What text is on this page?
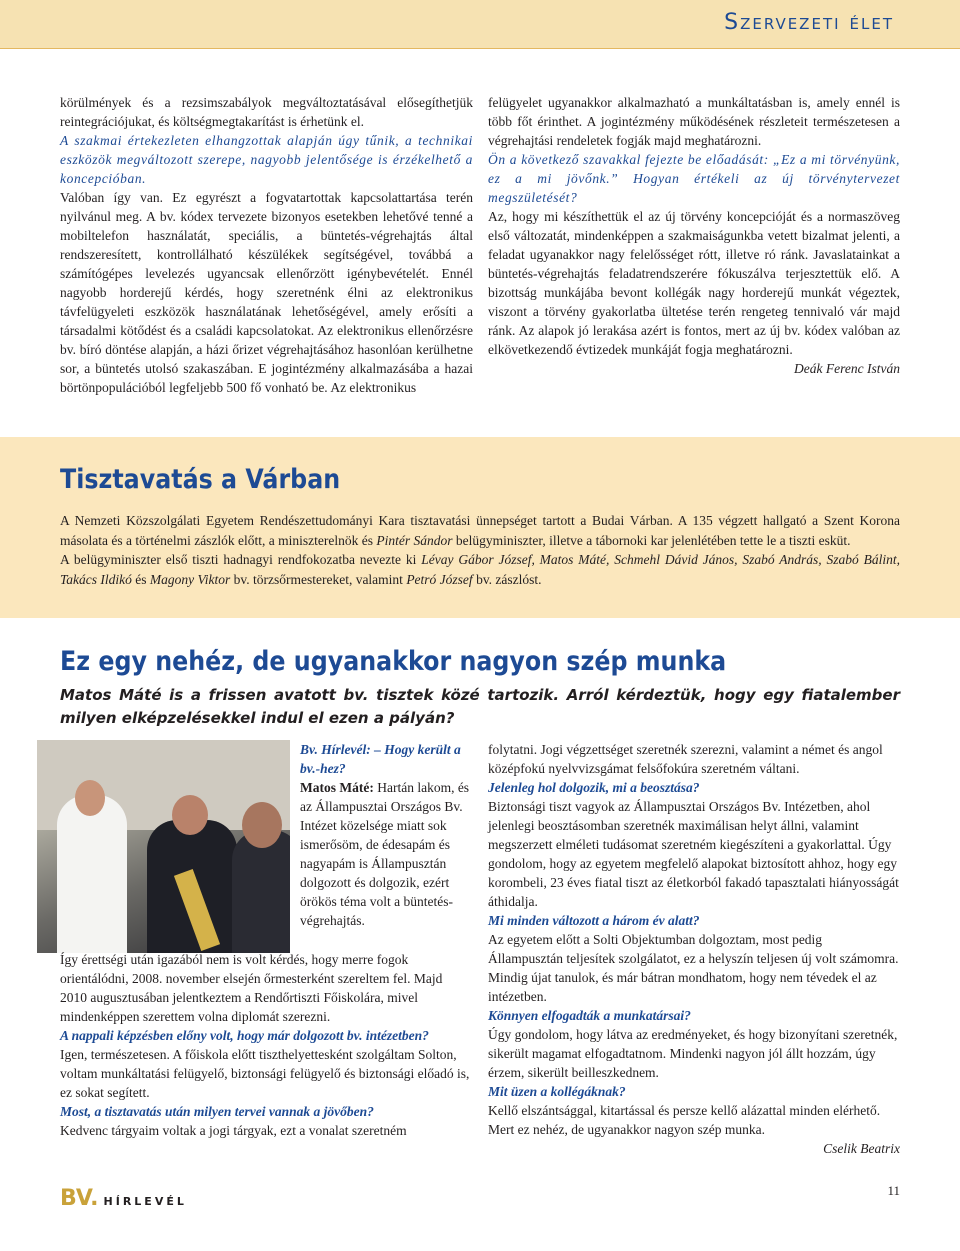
Szervezeti élet

körülmények és a rezsimszabályok megváltoztatásával elősegíthetjük reintegrációjukat, és költségmegtakarítást is érhetünk el.

A szakmai értekezleten elhangzottak alapján úgy tűnik, a technikai eszközök megváltozott szerepe, nagyobb jelentősége is érzékelhető a koncepcióban.

Valóban így van. Ez egyrészt a fogvatartottak kapcsolattartása terén nyilvánul meg. A bv. kódex tervezete bizonyos esetekben lehetővé tenné a mobiltelefon használatát, speciális, a büntetés-végrehajtás által rendszeresített, kontrollálható készülékek segítségével, továbbá a számítógépes levelezés ugyancsak ellenőrzött igénybevételét. Ennél nagyobb horderejű kérdés, hogy szeretnénk élni az elektronikus távfelügyeleti eszközök használatának lehetőségével, amely erősíti a társadalmi kötődést és a családi kapcsolatokat. Az elektronikus ellenőrzésre bv. bíró döntése alapján, a házi őrizet végrehajtásához hasonlóan kerülhetne sor, a büntetés utolsó szakaszában. E jogintézmény alkalmazásába a hazai börtönpopulációból legfeljebb 500 fő vonható be. Az elektronikus

felügyelet ugyanakkor alkalmazható a munkáltatásban is, amely ennél is több főt érinthet. A jogintézmény működésének részleteit természetesen a végrehajtási rendeletek fogják majd meghatározni.

Ön a következő szavakkal fejezte be előadását: „Ez a mi törvényünk, ez a mi jövőnk.” Hogyan értékeli az új törvénytervezet megszületését?

Az, hogy mi készíthettük el az új törvény koncepcióját és a normaszöveg első változatát, mindenképpen a szakmaiságunkba vetett bizalmat jelenti, a feladat ugyanakkor nagy felelősséget rótt, illetve ró ránk. Javaslatainkat a büntetés-végrehajtás feladatrendszerére fókuszálva terjesztettük elő. A bizottság munkájába bevont kollégák nagy horderejű munkát végeztek, viszont a törvény gyakorlatba ültetése terén rengeteg tennivaló vár majd ránk. Az alapok jó lerakása azért is fontos, mert az új bv. kódex valóban az elkövetkezendő évtizedek munkáját fogja meghatározni.

Deák Ferenc István

Tisztavatás a Várban

A Nemzeti Közszolgálati Egyetem Rendészettudományi Kara tisztavatási ünnepséget tartott a Budai Várban. A 135 végzett hallgató a Szent Korona másolata és a történelmi zászlók előtt, a miniszterelnök és Pintér Sándor belügyminiszter, illetve a tábornoki kar jelenlétében tette le a tiszti esküt.

A belügyminiszter első tiszti hadnagyi rendfokozatba nevezte ki Lévay Gábor József, Matos Máté, Schmehl Dávid János, Szabó András, Szabó Bálint, Takács Ildikó és Magony Viktor bv. törzsőrmestereket, valamint Petró József bv. zászlóst.

Ez egy nehéz, de ugyanakkor nagyon szép munka
Matos Máté is a frissen avatott bv. tisztek közé tartozik. Arról kérdeztük, hogy egy fiatalember milyen elképzelésekkel indul el ezen a pályán?

Bv. Hírlevél: – Hogy került a bv.-hez?

Matos Máté: Hartán lakom, és az Állampusztai Országos Bv. Intézet közelsége miatt sok ismerősöm, de édesapám és nagyapám is Állampusztán dolgozott és dolgozik, ezért örökös téma volt a büntetés-végrehajtás.

Így érettségi után igazából nem is volt kérdés, hogy merre fogok orientálódni, 2008. november elsején őrmesterként szereltem fel. Majd 2010 augusztusában jelentkeztem a Rendőrtiszti Főiskolára, mivel mindenképpen szerettem volna diplomát szerezni.

A nappali képzésben előny volt, hogy már dolgozott bv. intézetben?

Igen, természetesen. A főiskola előtt tiszthelyettesként szolgáltam Solton, voltam munkáltatási felügyelő, biztonsági felügyelő és biztonsági előadó is, ez sokat segített.

Most, a tisztavatás után milyen tervei vannak a jövőben?

Kedvenc tárgyaim voltak a jogi tárgyak, ezt a vonalat szeretném

folytatni. Jogi végzettséget szeretnék szerezni, valamint a német és angol középfokú nyelvvizsgámat felsőfokúra szeretném váltani.

Jelenleg hol dolgozik, mi a beosztása?

Biztonsági tiszt vagyok az Állampusztai Országos Bv. Intézetben, ahol jelenlegi beosztásomban szeretnék maximálisan helyt állni, valamint megszerzett elméleti tudásomat szeretném kiegészíteni a gyakorlattal. Úgy gondolom, hogy az egyetem megfelelő alapokat biztosított ahhoz, hogy egy korombeli, 23 éves fiatal tiszt az életkorból fakadó tapasztalati hiányosságát áthidalja.

Mi minden változott a három év alatt?

Az egyetem előtt a Solti Objektumban dolgoztam, most pedig Állampusztán teljesítek szolgálatot, ez a helyszín teljesen új volt számomra. Mindig újat tanulok, és már bátran mondhatom, hogy nem tévedek el az intézetben.

Könnyen elfogadták a munkatársai?

Úgy gondolom, hogy látva az eredményeket, és hogy bizonyítani szeretnék, sikerült magamat elfogadtatnom. Mindenki nagyon jól állt hozzám, úgy érzem, sikerült beilleszkednem.

Mit üzen a kollégáknak?

Kellő elszántsággal, kitartással és persze kellő alázattal minden elérhető. Mert ez nehéz, de ugyanakkor nagyon szép munka.

Cselik Beatrix

BV. HÍRLEVÉL
11
